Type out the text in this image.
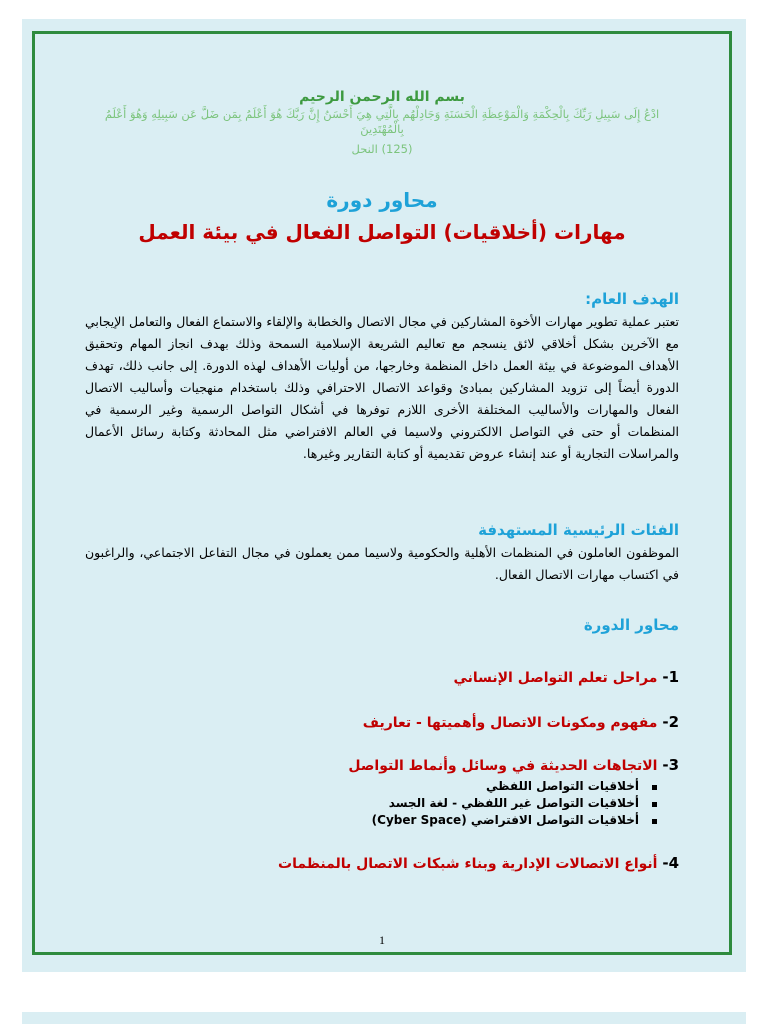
بسم الله الرحمن الرحيم
ادْعُ إِلَى سَبِيلِ رَبِّكَ بِالْحِكْمَةِ وَالْمَوْعِظَةِ الْحَسَنَةِ وَجَادِلْهُم بِالَّتِي هِيَ أَحْسَنُ إِنَّ رَبَّكَ هُوَ أَعْلَمُ بِمَن ضَلَّ عَن سَبِيلِهِ وَهُوَ أَعْلَمُ بِالْمُهْتَدِينَ
(125) النحل
محاور دورة
مهارات (أخلاقيات) التواصل الفعال في بيئة العمل
الهدف العام:
تعتبر عملية تطوير مهارات الأخوة المشاركين في مجال الاتصال والخطابة والإلقاء والاستماع الفعال والتعامل الإيجابي مع الآخرين بشكل أخلاقي لائق ينسجم مع تعاليم الشريعة الإسلامية السمحة وذلك بهدف انجاز المهام وتحقيق الأهداف الموضوعة في بيئة العمل داخل المنظمة وخارجها، من أوليات الأهداف لهذه الدورة. إلى جانب ذلك، تهدف الدورة أيضاً إلى تزويد المشاركين بمبادئ وقواعد الاتصال الاحترافي وذلك باستخدام منهجيات وأساليب الاتصال الفعال والمهارات والأساليب المختلفة الأخرى اللازم توفرها في أشكال التواصل الرسمية وغير الرسمية في المنظمات أو حتى في التواصل الالكتروني ولاسيما في العالم الافتراضي مثل المحادثة وكتابة رسائل الأعمال والمراسلات التجارية أو عند إنشاء عروض تقديمية أو كتابة التقارير وغيرها.
الفئات الرئيسية المستهدفة
الموظفون العاملون في المنظمات الأهلية والحكومية ولاسيما ممن يعملون في مجال التفاعل الاجتماعي، والراغبون في اكتساب مهارات الاتصال الفعال.
محاور الدورة
1- مراحل تعلم التواصل الإنساني
2- مفهوم ومكونات الاتصال وأهميتها - تعاريف
3- الاتجاهات الحديثة في وسائل وأنماط التواصل
أخلاقيات التواصل اللفظي
أخلاقيات التواصل غير اللفظي - لغة الجسد
أخلاقيات التواصل الافتراضي (Cyber Space)
4- أنواع الاتصالات الإدارية وبناء شبكات الاتصال بالمنظمات
1
